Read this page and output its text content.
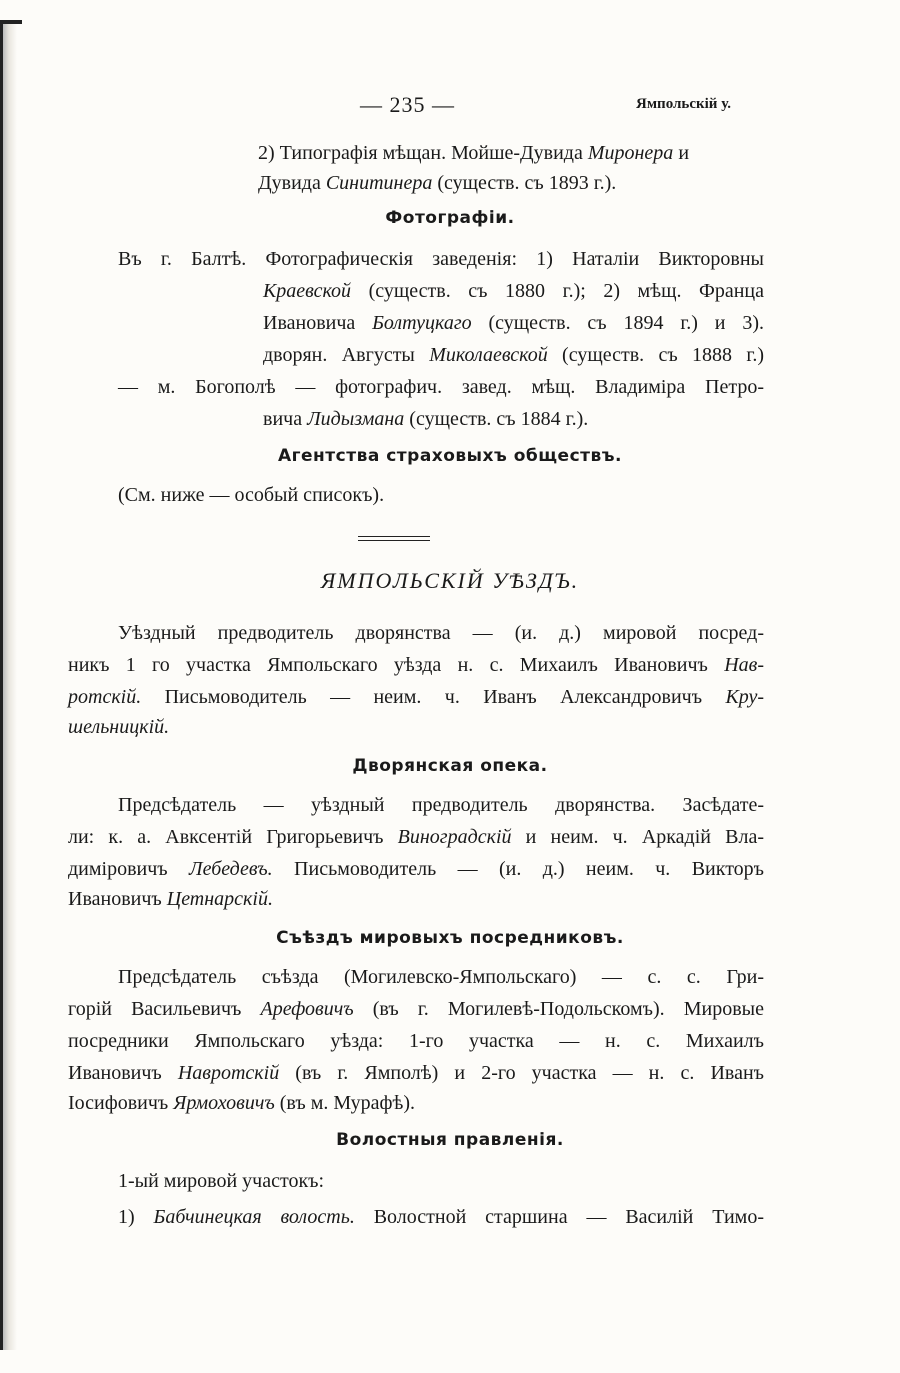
— 235 —	Ямпольскій у.
2) Типографія мѣщан. Мойше-Дувида Миронера и
Дувида Синитинера (существ. съ 1893 г.).
Фотографіи.
Въ г. Балтѣ. Фотографическія заведенія: 1) Наталіи Викторовны
Краевской (существ. съ 1880 г.); 2) мѣщ. Франца
Ивановича Болтуцкаго (существ. съ 1894 г.) и 3).
дворян. Августы Миколаевской (существ. съ 1888 г.)
— м. Богополѣ — фотографич. завед. мѣщ. Владиміра Петро-
вича Лидызмана (существ. съ 1884 г.).
Агентства страховыхъ обществъ.
(См. ниже — особый списокъ).
ЯМПОЛЬСКІЙ УѢЗДЪ.
Уѣздный предводитель дворянства — (и. д.) мировой посред-
никъ 1 го участка Ямпольскаго уѣзда н. с. Михаилъ Ивановичъ Нав-
ротскій. Письмоводитель — неим. ч. Иванъ Александровичъ Кру-
шельницкій.
Дворянская опека.
Предсѣдатель — уѣздный предводитель дворянства. Засѣдате-
ли: к. а. Авксентій Григорьевичъ Виноградскій и неим. ч. Аркадій Вла-
диміровичъ Лебедевъ. Письмоводитель — (и. д.) неим. ч. Викторъ
Ивановичъ Цетнарскій.
Съѣздъ мировыхъ посредниковъ.
Предсѣдатель съѣзда (Могилевско-Ямпольскаго) — с. с. Гри-
горій Васильевичъ Арефовичъ (въ г. Могилевѣ-Подольскомъ). Мировые
посредники Ямпольскаго уѣзда: 1-го участка — н. с. Михаилъ
Ивановичъ Навротскій (въ г. Ямполѣ) и 2-го участка — н. с. Иванъ
Іосифовичъ Ярмоховичъ (въ м. Мурафѣ).
Волостныя правленія.
1-ый мировой участокъ:
1) Бабчинецкая волость. Волостной старшина — Василій Тимо-
